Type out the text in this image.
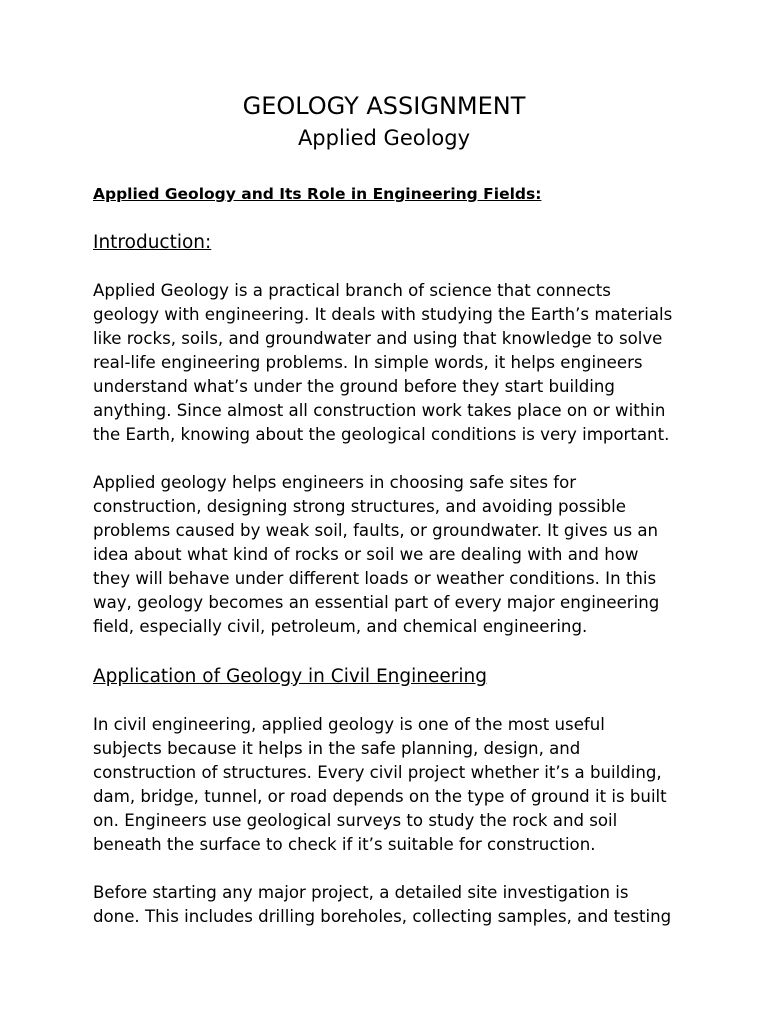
GEOLOGY ASSIGNMENT
Applied Geology

Applied Geology and Its Role in Engineering Fields:

Introduction:

Applied Geology is a practical branch of science that connects geology with engineering. It deals with studying the Earth’s materials like rocks, soils, and groundwater and using that knowledge to solve real-life engineering problems. In simple words, it helps engineers understand what’s under the ground before they start building anything. Since almost all construction work takes place on or within the Earth, knowing about the geological conditions is very important.

Applied geology helps engineers in choosing safe sites for construction, designing strong structures, and avoiding possible problems caused by weak soil, faults, or groundwater. It gives us an idea about what kind of rocks or soil we are dealing with and how they will behave under different loads or weather conditions. In this way, geology becomes an essential part of every major engineering field, especially civil, petroleum, and chemical engineering.

Application of Geology in Civil Engineering

In civil engineering, applied geology is one of the most useful subjects because it helps in the safe planning, design, and construction of structures. Every civil project whether it’s a building, dam, bridge, tunnel, or road depends on the type of ground it is built on. Engineers use geological surveys to study the rock and soil beneath the surface to check if it’s suitable for construction.

Before starting any major project, a detailed site investigation is done. This includes drilling boreholes, collecting samples, and testing
